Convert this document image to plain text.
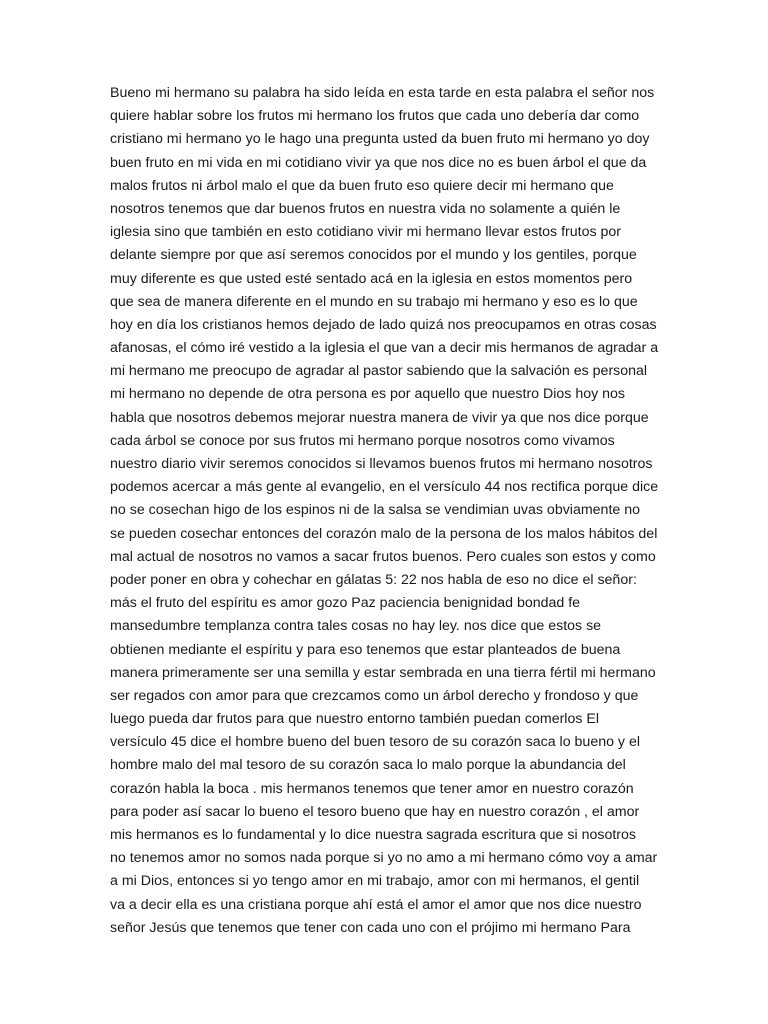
Bueno mi hermano su palabra ha sido leída en esta tarde en esta palabra el señor nos
quiere hablar sobre los frutos mi hermano los frutos que cada uno debería dar como
cristiano mi hermano yo le hago una pregunta usted da buen fruto mi hermano yo doy
buen fruto en mi vida en mi cotidiano vivir ya que nos dice no es buen árbol el que da
malos frutos ni árbol malo el que da buen fruto eso quiere decir mi hermano que
nosotros tenemos que dar buenos frutos en nuestra vida no solamente a quién le
iglesia sino que también en esto cotidiano vivir mi hermano llevar estos frutos por
delante siempre por que así seremos conocidos por el mundo y los gentiles, porque
muy diferente es que usted esté sentado acá en la iglesia en estos momentos pero
que sea de manera diferente en el mundo en su trabajo mi hermano y eso es lo que
hoy en día los cristianos hemos dejado de lado quizá nos preocupamos en otras cosas
afanosas, el cómo iré vestido a la iglesia el que van a decir mis hermanos de agradar a
mi hermano me preocupo de agradar al pastor sabiendo que la salvación es personal
mi hermano no depende de otra persona es por aquello que nuestro Dios hoy nos
habla que nosotros debemos mejorar nuestra manera de vivir ya que nos dice porque
cada árbol se conoce por sus frutos mi hermano porque nosotros como vivamos
nuestro diario vivir seremos conocidos si llevamos buenos frutos mi hermano nosotros
podemos acercar a más gente al evangelio, en el versículo 44 nos rectifica porque dice
no se cosechan higo de los espinos ni de la salsa se vendimian uvas obviamente no
se pueden cosechar entonces del corazón malo de la persona de los malos hábitos del
mal actual de nosotros no vamos a sacar frutos buenos. Pero cuales son estos y como
poder poner en obra y cohechar en gálatas 5: 22 nos habla de eso no dice el señor:
más el fruto del espíritu es amor gozo Paz paciencia benignidad bondad fe
mansedumbre templanza contra tales cosas no hay ley. nos dice que estos se
obtienen mediante el espíritu y para eso tenemos que estar planteados de buena
manera primeramente ser una semilla y estar sembrada en una tierra fértil mi hermano
ser regados con amor para que crezcamos como un árbol derecho y frondoso y que
luego pueda dar frutos para que nuestro entorno también puedan comerlos El
versículo 45 dice el hombre bueno del buen tesoro de su corazón saca lo bueno y el
hombre malo del mal tesoro de su corazón saca lo malo porque la abundancia del
corazón habla la boca . mis hermanos tenemos que tener amor en nuestro corazón
para poder así sacar lo bueno el tesoro bueno que hay en nuestro corazón , el amor
mis hermanos es lo fundamental y lo dice nuestra sagrada escritura que si nosotros
no tenemos amor no somos nada porque si yo no amo a mi hermano cómo voy a amar
a mi Dios, entonces si yo tengo amor en mi trabajo, amor con mi hermanos, el gentil
va a decir ella es una cristiana porque ahí está el amor el amor que nos dice nuestro
señor Jesús que tenemos que tener con cada uno con el prójimo mi hermano Para
